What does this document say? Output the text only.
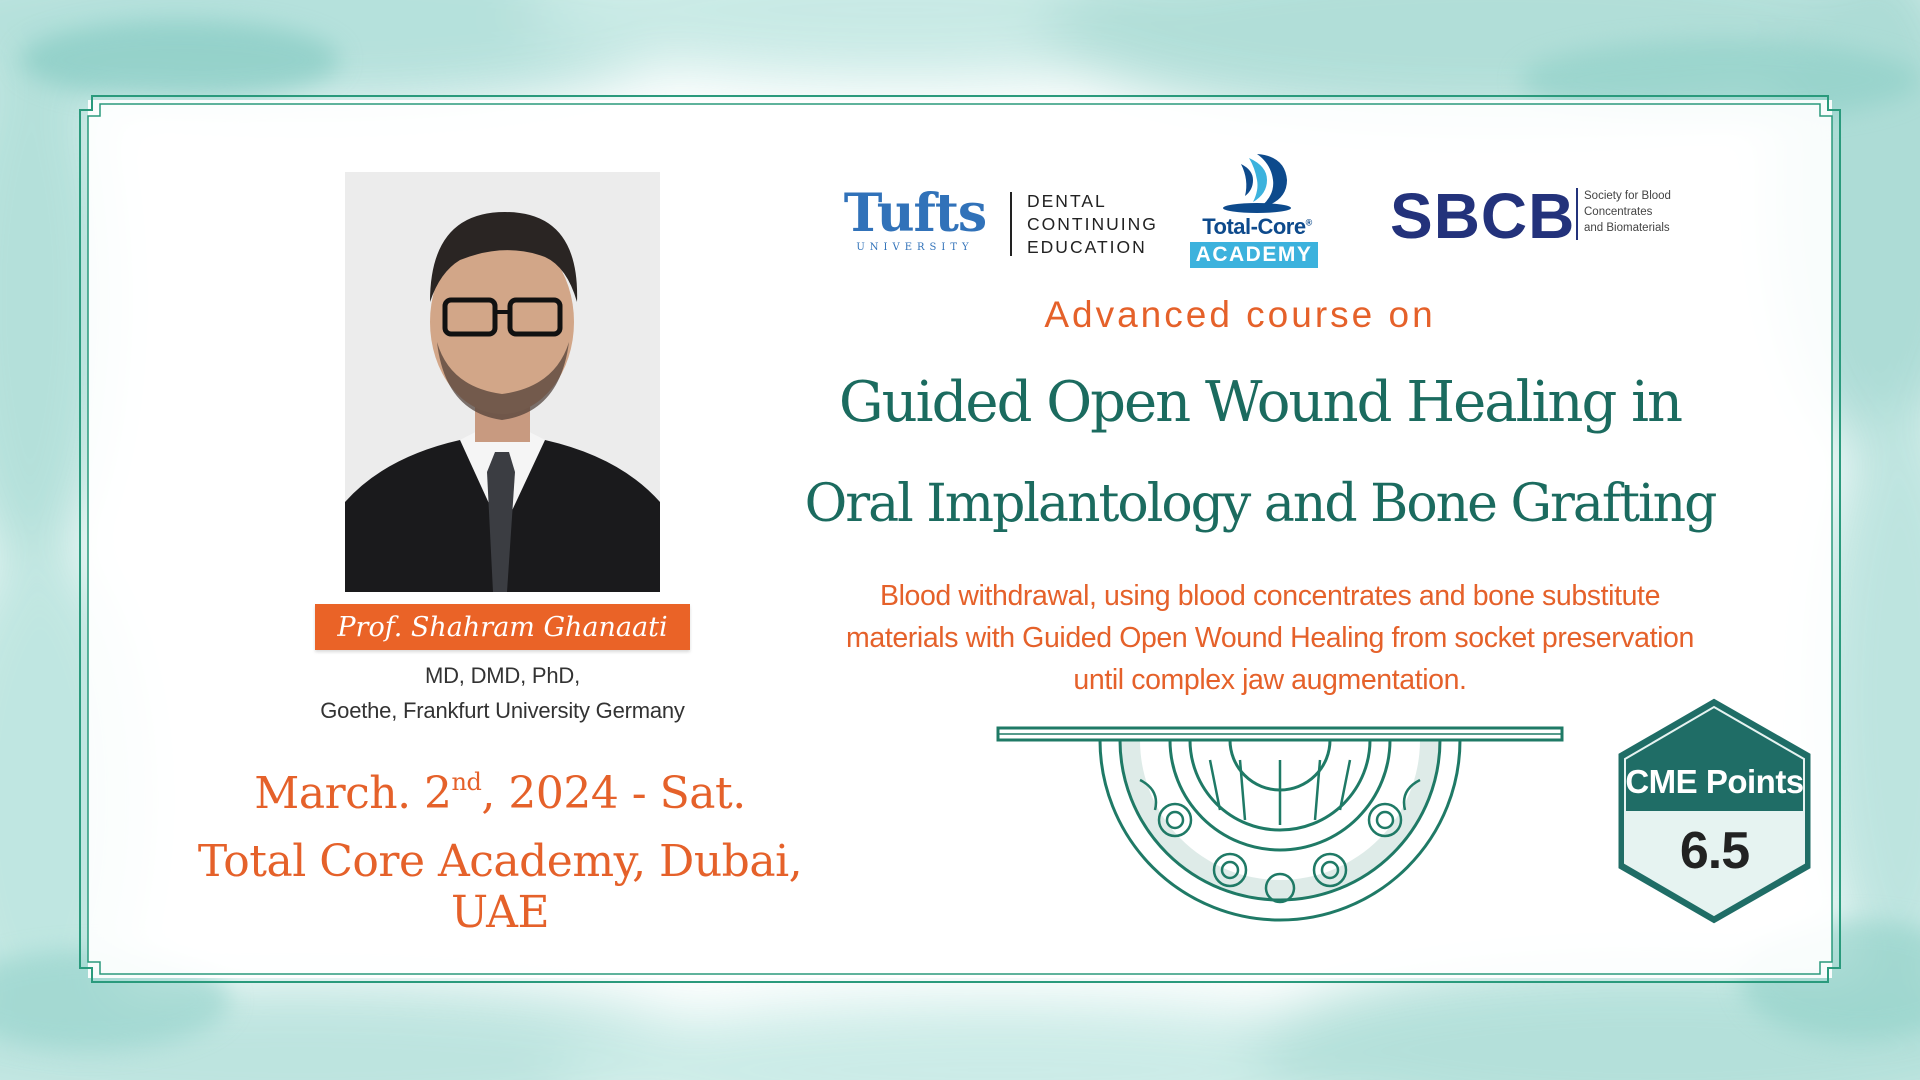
Prof. Shahram Ghanaati
MD, DMD, PhD,
Goethe, Frankfurt University Germany
March. 2nd, 2024 - Sat.
Total Core Academy, Dubai, UAE
Tufts
UNIVERSITY
DENTAL
CONTINUING
EDUCATION
Total-Core®
ACADEMY
SBCB Society for Blood
Concentrates
and Biomaterials
Advanced course on
Guided Open Wound Healing in
Oral Implantology and Bone Grafting
Blood withdrawal, using blood concentrates and bone substitute
materials with Guided Open Wound Healing from socket preservation
until complex jaw augmentation.
CME Points
6.5
